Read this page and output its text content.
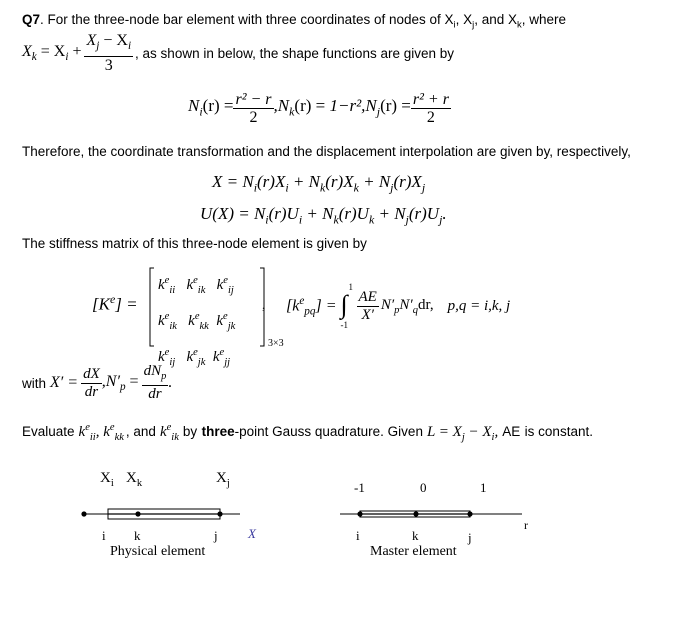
Q7. For the three-node bar element with three coordinates of nodes of $X_i$, $X_j$, and $X_k$, where
$X_k = X_i + \frac{X_j - X_i}{3}$ , as shown in below, the shape functions are given by
$N_i(r) = \frac{\text{r² − r}}{2} ,N_k(r) = 1-r^2,N_j(r) = \frac{\text{r² + r}}{2}$
Therefore, the coordinate transformation and the displacement interpolation are given by, respectively,
$X = N_i(r)X_i + N_k(r)X_k + N_j(r)X_j$
$U(X) = N_i(r)U_i + N_k(r)U_k + N_j(r)U_j$.
The stiffness matrix of this three-node element is given by
$[K^e]$ =
$k^e_{ii}$   $k^e_{ik}$   $k^e_{ij}$
$k^e_{ik}$   $k^e_{kk}$  $k^e_{jk}$
$k^e_{ij}$   $k^e_{jk}$  $k^e_{jj}$
3×3
, $[k^e_{pq}]$ = ∫
1
-1
$\frac{AE}{X'} N'_pN'_qdr$, p,q = i,k, j
with $X' = \frac{dX}{dr} ,N'_p = \frac{dN_p}{dr}$ .
Evaluate $k^e_{ii}$, $k^e_{kk}$ , and $k^e_{ik}$ by
three -point Gauss quadrature. Given $L = X_j - X_i$, AE
is constant.
$X_i$ $X_k$	$X_j$
i k	j X
Physical element
-1	0	1
i	k	j
r
Master element
